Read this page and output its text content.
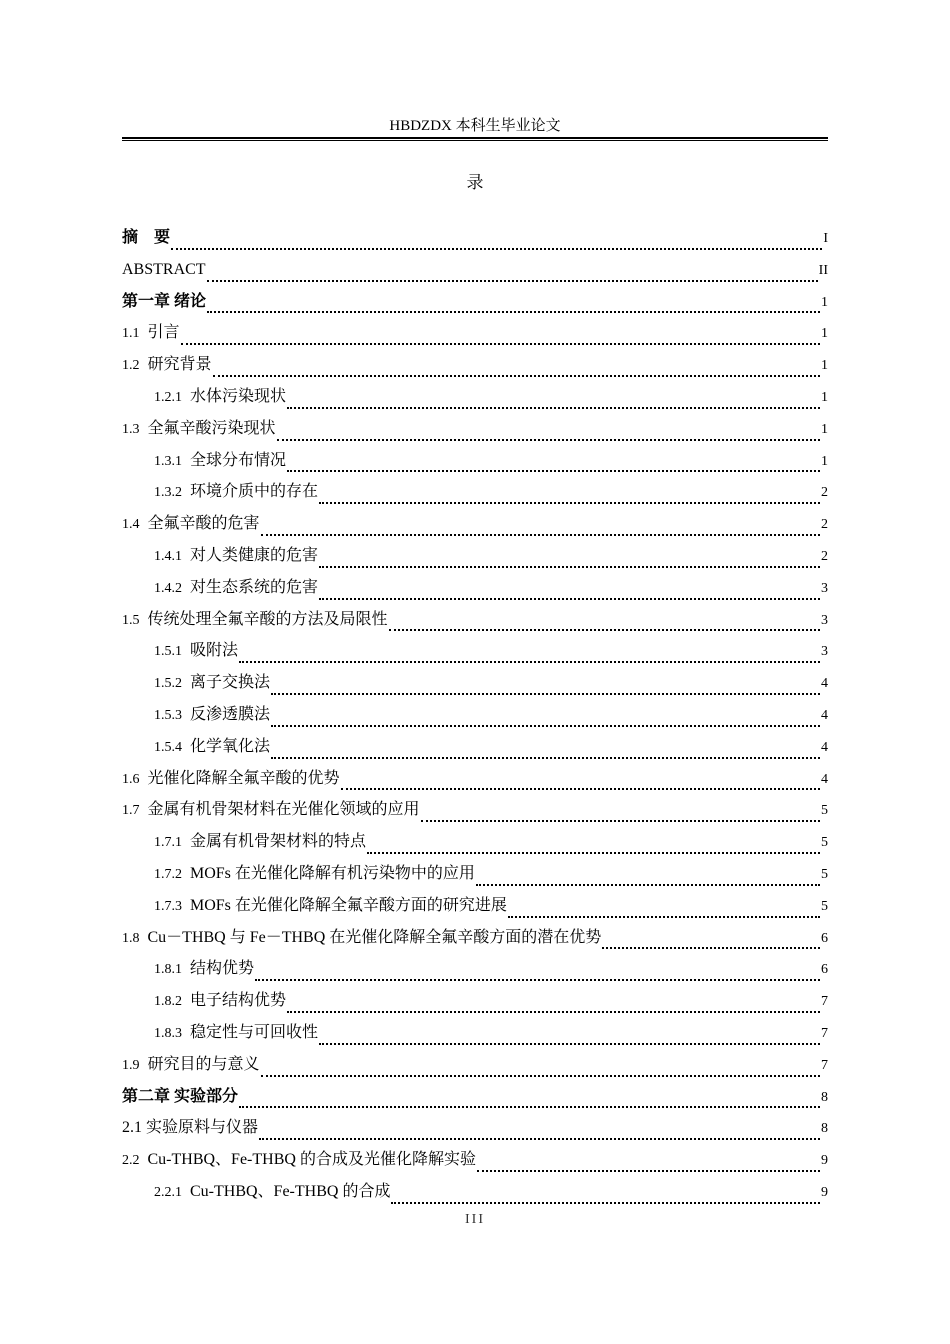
HBDZDX 本科生毕业论文
录
摘　要	I
ABSTRACT	II
第一章 绪论	1
1.1 引言	1
1.2 研究背景	1
1.2.1 水体污染现状	1
1.3 全氟辛酸污染现状	1
1.3.1 全球分布情况	1
1.3.2 环境介质中的存在	2
1.4 全氟辛酸的危害	2
1.4.1 对人类健康的危害	2
1.4.2 对生态系统的危害	3
1.5 传统处理全氟辛酸的方法及局限性	3
1.5.1 吸附法	3
1.5.2 离子交换法	4
1.5.3 反渗透膜法	4
1.5.4 化学氧化法	4
1.6 光催化降解全氟辛酸的优势	4
1.7 金属有机骨架材料在光催化领域的应用	5
1.7.1 金属有机骨架材料的特点	5
1.7.2 MOFs 在光催化降解有机污染物中的应用	5
1.7.3 MOFs 在光催化降解全氟辛酸方面的研究进展	5
1.8 Cu－THBQ 与 Fe－THBQ 在光催化降解全氟辛酸方面的潜在优势	6
1.8.1 结构优势	6
1.8.2 电子结构优势	7
1.8.3 稳定性与可回收性	7
1.9 研究目的与意义	7
第二章 实验部分	8
2.1 实验原料与仪器	8
2.2 Cu-THBQ、Fe-THBQ 的合成及光催化降解实验	9
2.2.1 Cu-THBQ、Fe-THBQ 的合成	9
III
